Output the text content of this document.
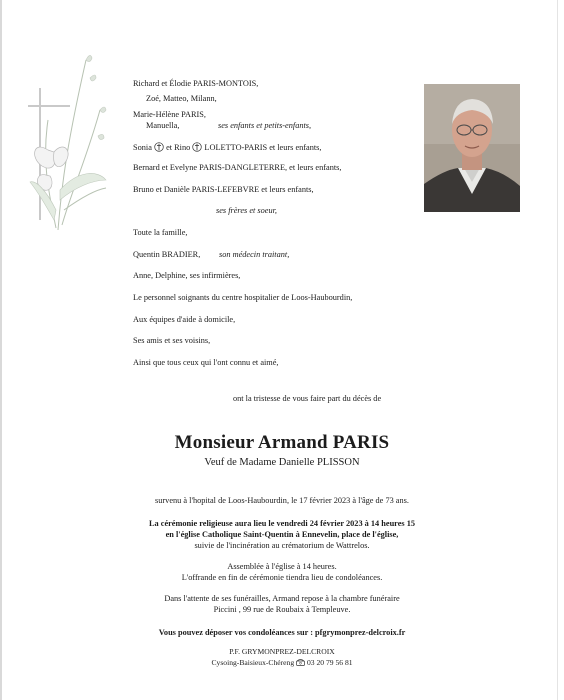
Richard et Élodie PARIS-MONTOIS,
Zoé, Matteo, Milann,
Marie-Hélène PARIS,
Manuella,	ses enfants et petits-enfants,
Sonia et Rino LOLETTO-PARIS et leurs enfants,
Bernard et Evelyne PARIS-DANGLETERRE, et leurs enfants,
Bruno et Danièle PARIS-LEFEBVRE et leurs enfants,
ses frères et soeur,
Toute la famille,
Quentin BRADIER, son médecin traitant,
Anne, Delphine, ses infirmières,
Le personnel soignants du centre hospitalier de Loos-Haubourdin,
Aux équipes d'aide à domicile,
Ses amis et ses voisins,
Ainsi que tous ceux qui l'ont connu et aimé,
ont la tristesse de vous faire part du décès de
Monsieur Armand PARIS
Veuf de Madame Danielle PLISSON
survenu à l'hopital de Loos-Haubourdin, le 17 février 2023 à l'âge de 73 ans.
La cérémonie religieuse aura lieu le vendredi 24 février 2023 à 14 heures 15
en l'église Catholique Saint-Quentin à Ennevelin, place de l'église,
suivie de l'incinération au crématorium de Wattrelos.
Assemblée à l'église à 14 heures.
L'offrande en fin de cérémonie tiendra lieu de condoléances.
Dans l'attente de ses funérailles, Armand repose à la chambre funéraire
Piccini , 99 rue de Roubaix à Templeuve.
Vous pouvez déposer vos condoléances sur : pfgrymonprez-delcroix.fr
P.F. GRYMONPREZ-DELCROIX
Cysoing-Baisieux-Chéreng 03 20 79 56 81
